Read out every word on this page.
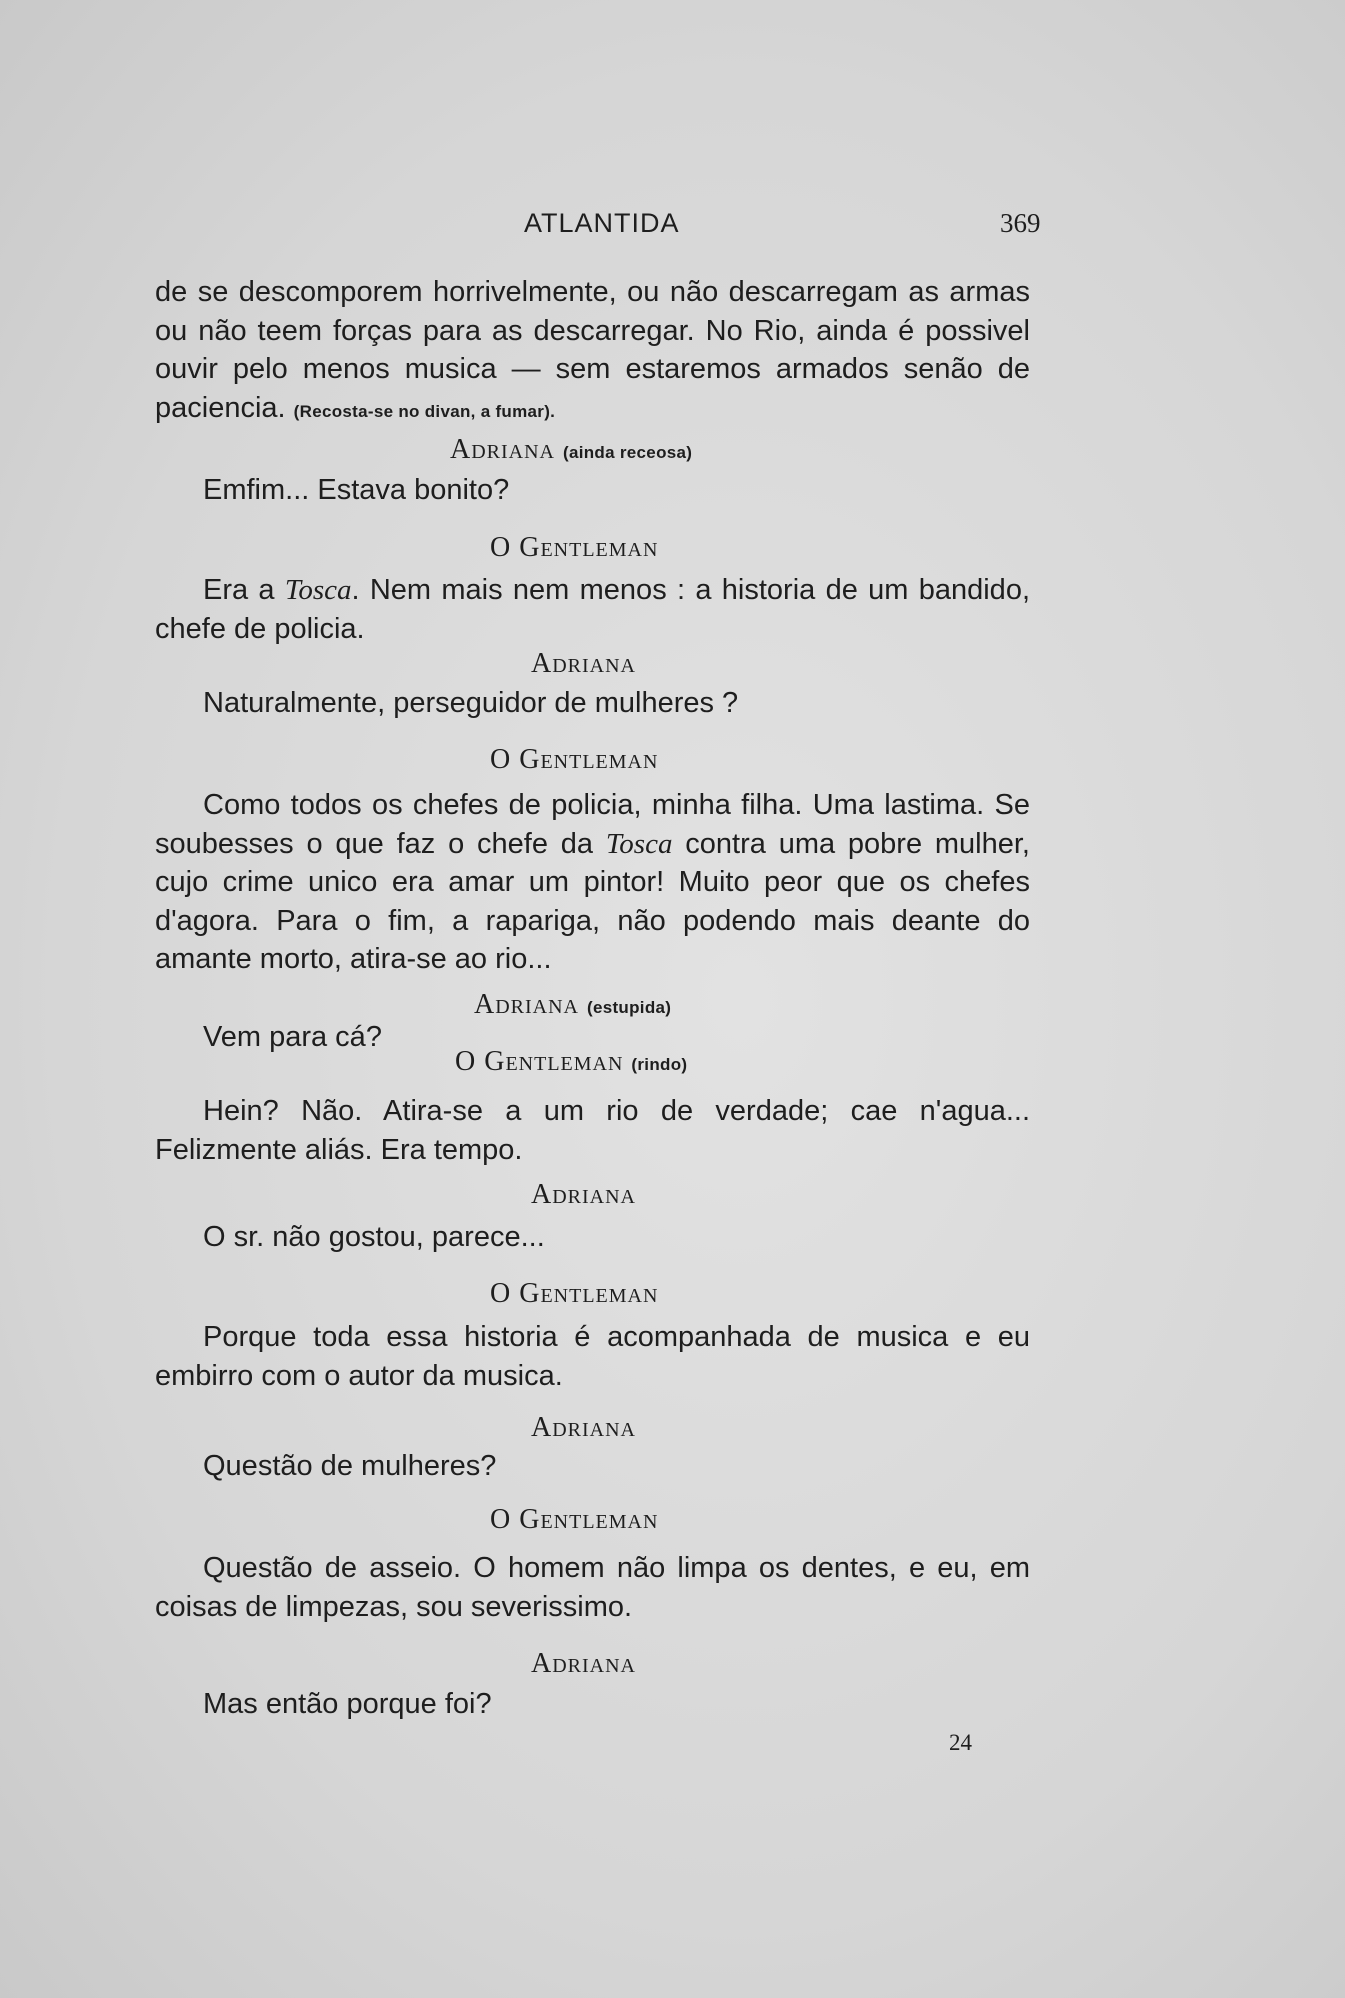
ATLANTIDA	369

de se descomporem horrivelmente, ou não descarregam as armas ou não teem forças para as descarregar. No Rio, ainda é possivel ouvir pelo menos musica — sem estaremos armados senão de paciencia. (Recosta-se no divan, a fumar).

Adriana (ainda receosa)

Emfim... Estava bonito?

O Gentleman

Era a Tosca. Nem mais nem menos : a historia de um bandido, chefe de policia.

Adriana

Naturalmente, perseguidor de mulheres ?

O Gentleman

Como todos os chefes de policia, minha filha. Uma lastima. Se soubesses o que faz o chefe da Tosca contra uma pobre mulher, cujo crime unico era amar um pintor! Muito peor que os chefes d'agora. Para o fim, a rapariga, não podendo mais deante do amante morto, atira-se ao rio...

Adriana (estupida)

Vem para cá?

O Gentleman (rindo)

Hein? Não. Atira-se a um rio de verdade; cae n'agua... Felizmente aliás. Era tempo.

Adriana

O sr. não gostou, parece...

O Gentleman

Porque toda essa historia é acompanhada de musica e eu embirro com o autor da musica.

Adriana

Questão de mulheres?

O Gentleman

Questão de asseio. O homem não limpa os dentes, e eu, em coisas de limpezas, sou severissimo.

Adriana

Mas então porque foi?

24
